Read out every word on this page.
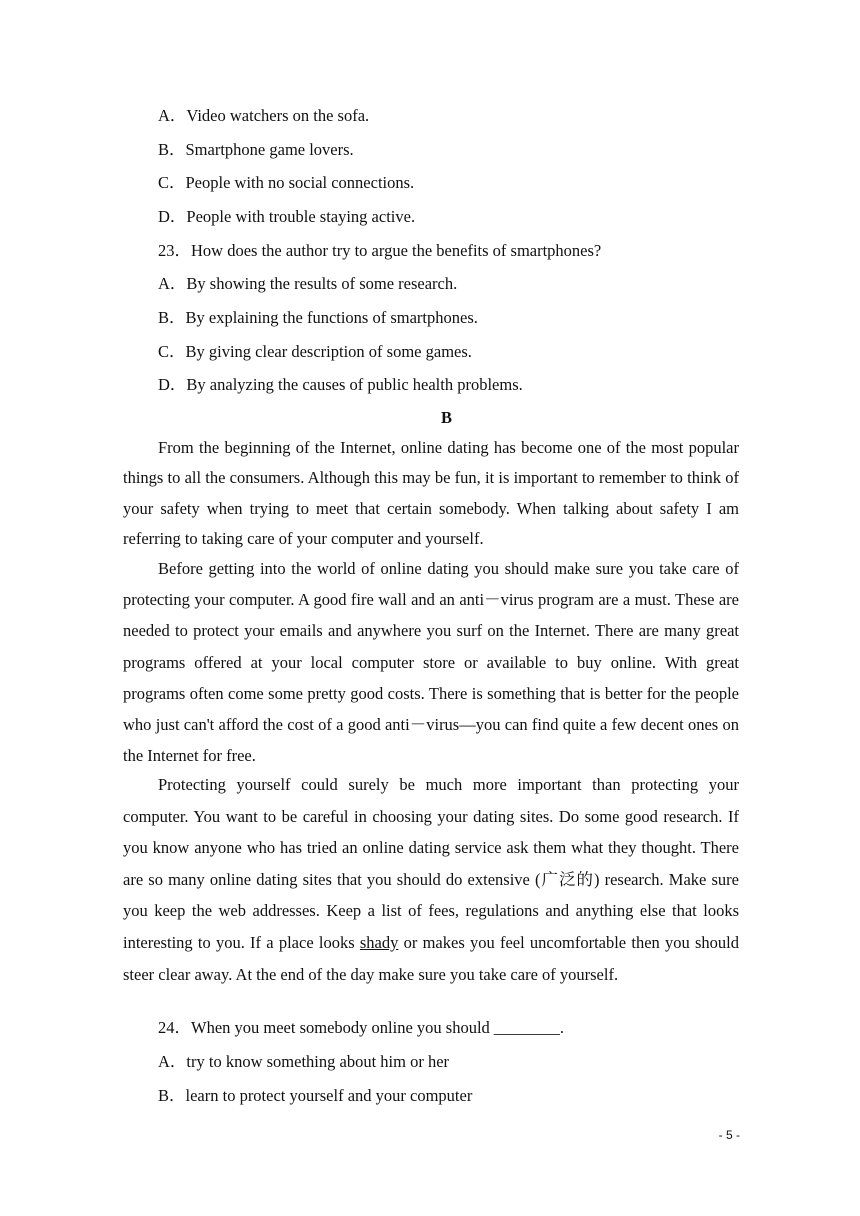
A．Video watchers on the sofa.
B．Smartphone game lovers.
C．People with no social connections.
D．People with trouble staying active.
23．How does the author try to argue the benefits of smartphones?
A．By showing the results of some research.
B．By explaining the functions of smartphones.
C．By giving clear description of some games.
D．By analyzing the causes of public health problems.
B
From the beginning of the Internet, online dating has become one of the most popular things to all the consumers. Although this may be fun, it is important to remember to think of your safety when trying to meet that certain somebody. When talking about safety I am referring to taking care of your computer and yourself.
Before getting into the world of online dating you should make sure you take care of protecting your computer. A good fire wall and an anti－virus program are a must. These are needed to protect your emails and anywhere you surf on the Internet. There are many great programs offered at your local computer store or available to buy online. With great programs often come some pretty good costs. There is something that is better for the people who just can't afford the cost of a good anti－virus—you can find quite a few decent ones on the Internet for free.
Protecting yourself could surely be much more important than protecting your computer. You want to be careful in choosing your dating sites. Do some good research. If you know anyone who has tried an online dating service ask them what they thought. There are so many online dating sites that you should do extensive (广泛的) research. Make sure you keep the web addresses. Keep a list of fees, regulations and anything else that looks interesting to you. If a place looks shady or makes you feel uncomfortable then you should steer clear away. At the end of the day make sure you take care of yourself.
24．When you meet somebody online you should ________.
A．try to know something about him or her
B．learn to protect yourself and your computer
- 5 -
